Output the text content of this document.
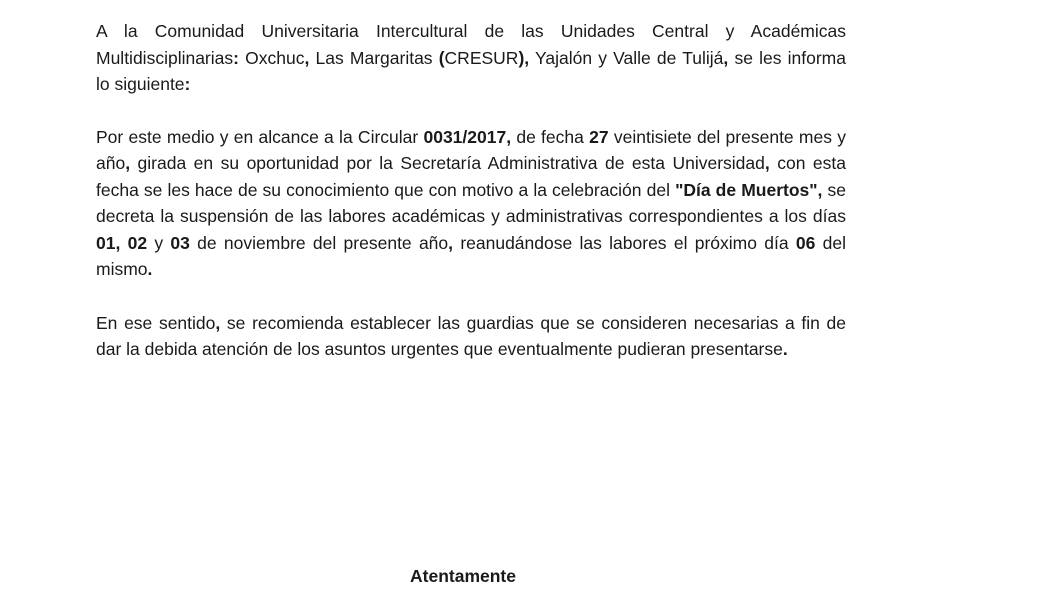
A la Comunidad Universitaria Intercultural de las Unidades Central y Académicas Multidisciplinarias: Oxchuc, Las Margaritas (CRESUR), Yajalón y Valle de Tulijá, se les informa lo siguiente:

Por este medio y en alcance a la Circular 0031/2017, de fecha 27 veintisiete del presente mes y año, girada en su oportunidad por la Secretaría Administrativa de esta Universidad, con esta fecha se les hace de su conocimiento que con motivo a la celebración del "Día de Muertos", se decreta la suspensión de las labores académicas y administrativas correspondientes a los días 01, 02 y 03 de noviembre del presente año, reanudándose las labores el próximo día 06 del mismo.

En ese sentido, se recomienda establecer las guardias que se consideren necesarias a fin de dar la debida atención de los asuntos urgentes que eventualmente pudieran presentarse.

Atentamente
